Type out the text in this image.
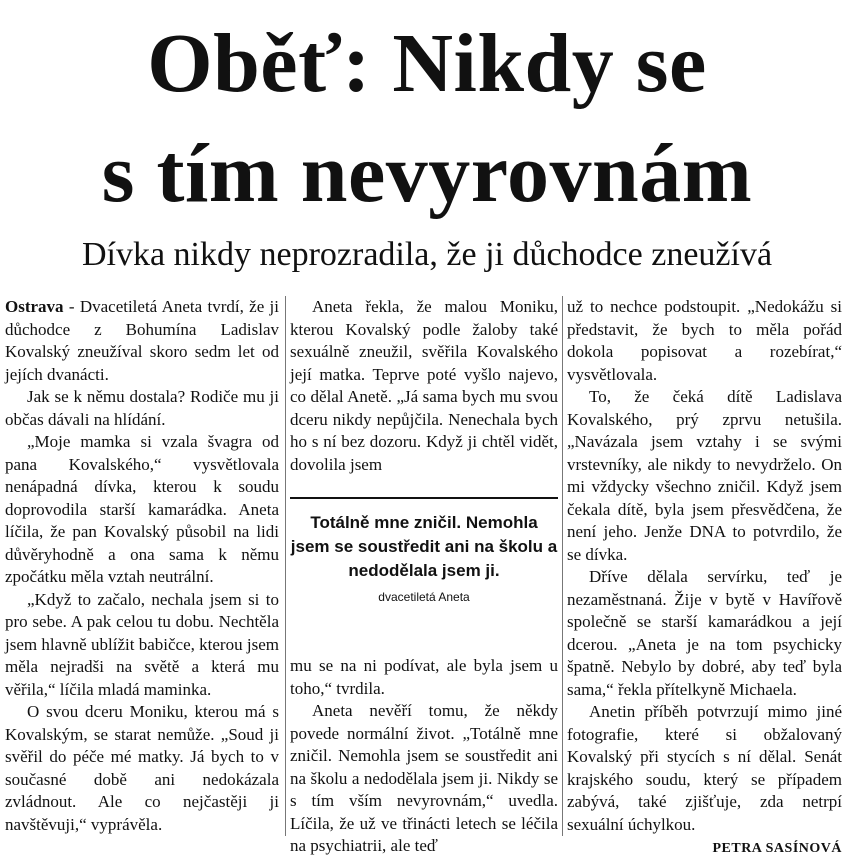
Oběť: Nikdy se
s tím nevyrovnám
Dívka nikdy neprozradila, že ji důchodce zneužívá

Ostrava - Dvacetiletá Aneta tvrdí, že ji důchodce z Bohumína Ladislav Kovalský zneužíval skoro sedm let od jejích dvanácti.

Jak se k němu dostala? Rodiče mu ji občas dávali na hlídání.

„Moje mamka si vzala švagra od pana Kovalského,“ vysvětlovala nenápadná dívka, kterou k soudu doprovodila starší kamarádka. Aneta líčila, že pan Kovalský působil na lidi důvěryhodně a ona sama k němu zpočátku měla vztah neutrální.

„Když to začalo, nechala jsem si to pro sebe. A pak celou tu dobu. Nechtěla jsem hlavně ublížit babičce, kterou jsem měla nejradši na světě a která mu věřila,“ líčila mladá maminka.

O svou dceru Moniku, kterou má s Kovalským, se starat nemůže. „Soud ji svěřil do péče mé matky. Já bych to v současné době ani nedokázala zvládnout. Ale co nejčastěji ji navštěvuji,“ vyprávěla.

Aneta řekla, že malou Moniku, kterou Kovalský podle žaloby také sexuálně zneužil, svěřila Kovalského její matka. Teprve poté vyšlo najevo, co dělal Anetě. „Já sama bych mu svou dceru nikdy nepůjčila. Nenechala bych ho s ní bez dozoru. Když ji chtěl vidět, dovolila jsem

Totálně mne zničil. Nemohla jsem se soustředit ani na školu a nedodělala jsem ji.

dvacetiletá Aneta

mu se na ni podívat, ale byla jsem u toho,“ tvrdila.

Aneta nevěří tomu, že někdy povede normální život. „Totálně mne zničil. Nemohla jsem se soustředit ani na školu a nedodělala jsem ji. Nikdy se s tím vším nevyrovnám,“ uvedla. Líčila, že už ve třinácti letech se léčila na psychiatrii, ale teď

už to nechce podstoupit. „Nedokážu si představit, že bych to měla pořád dokola popisovat a rozebírat,“ vysvětlovala.

To, že čeká dítě Ladislava Kovalského, prý zprvu netušila. „Navázala jsem vztahy i se svými vrstevníky, ale nikdy to nevydrželo. On mi vždycky všechno zničil. Když jsem čekala dítě, byla jsem přesvědčena, že není jeho. Jenže DNA to potvrdilo, že se dívka.

Dříve dělala servírku, teď je nezaměstnaná. Žije v bytě v Havířově společně se starší kamarádkou a její dcerou. „Aneta je na tom psychicky špatně. Nebylo by dobré, aby teď byla sama,“ řekla přítelkyně Michaela.

Anetin příběh potvrzují mimo jiné fotografie, které si obžalovaný Kovalský při stycích s ní dělal. Senát krajského soudu, který se případem zabývá, také zjišťuje, zda netrpí sexuální úchylkou.

PETRA SASÍNOVÁ
